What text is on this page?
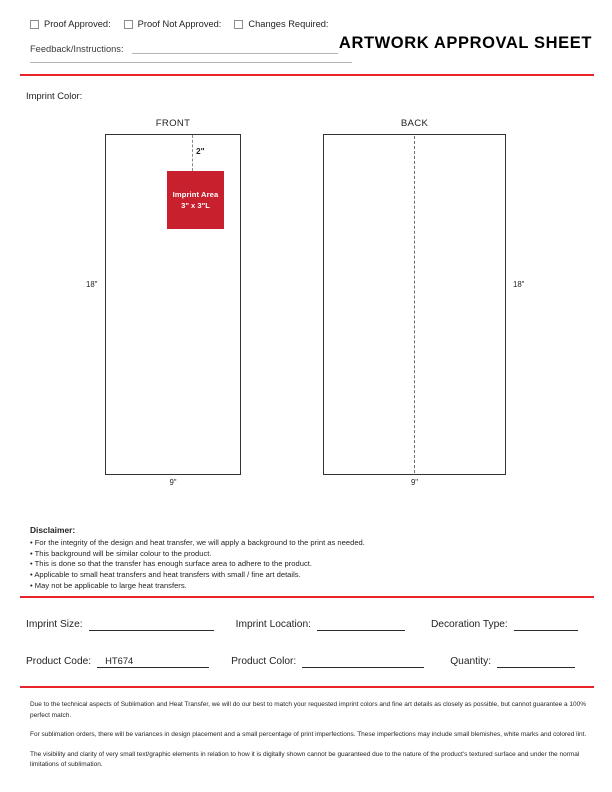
Proof Approved:	Proof Not Approved:	Changes Required:
Feedback/Instructions:	ARTWORK APPROVAL SHEET
Imprint Color:
FRONT	BACK
2"
Imprint Area
3" x 3"L
18"
9"
18"
9"
Disclaimer:
• For the integrity of the design and heat transfer, we will apply a background to the print as needed.
• This background will be similar colour to the product.
• This is done so that the transfer has enough surface area to adhere to the product.
• Applicable to small heat transfers and heat transfers with small / fine art details.
• May not be applicable to large heat transfers.
Imprint Size:	Imprint Location:	Decoration Type:
Product Code: HT674	Product Color:	Quantity:

Due to the technical aspects of Sublimation and Heat Transfer, we will do our best to match your requested imprint colors and fine art details as closely as possible, but cannot guarantee a 100% perfect match.

For sublimation orders, there will be variances in design placement and a small percentage of print imperfections. These imperfections may include small blemishes, white marks and colored lint.

The visibility and clarity of very small text/graphic elements in relation to how it is digitally shown cannot be guaranteed due to the nature of the product's textured surface and under the normal limitations of sublimation.
